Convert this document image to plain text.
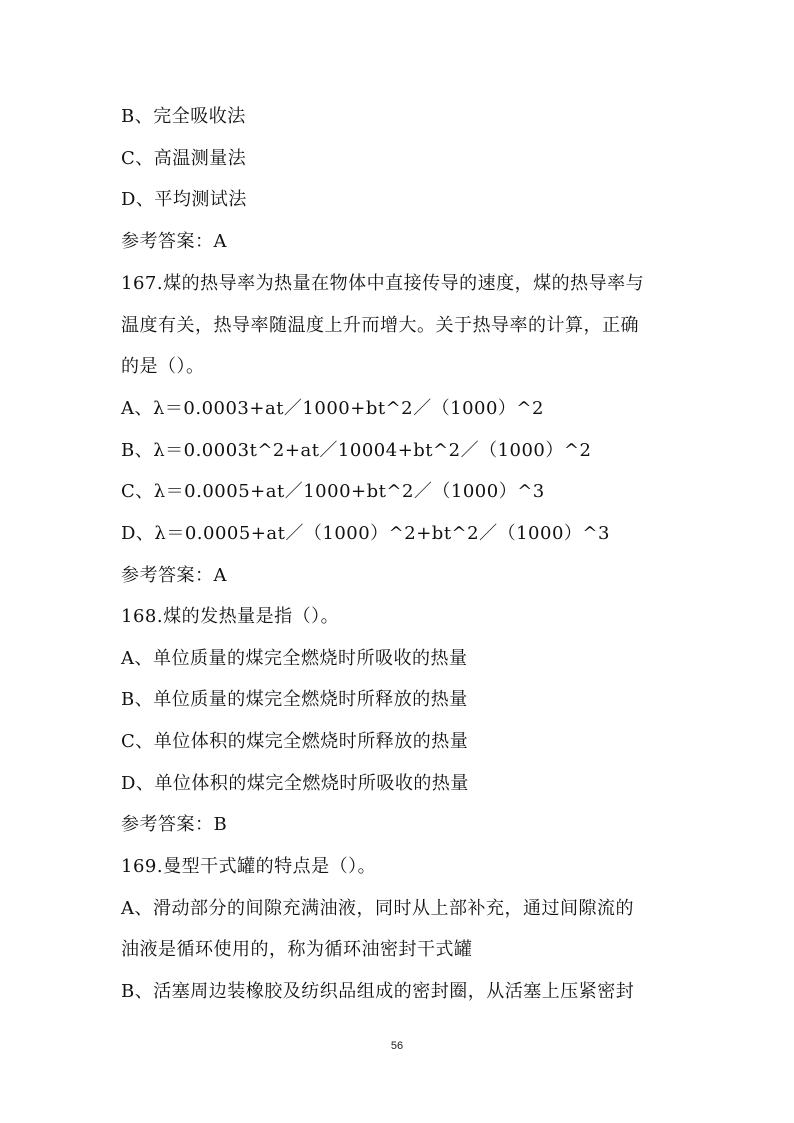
B、完全吸收法
C、高温测量法
D、平均测试法
参考答案：A
167.煤的热导率为热量在物体中直接传导的速度，煤的热导率与
温度有关，热导率随温度上升而增大。关于热导率的计算，正确
的是（）。
A、λ＝0.0003+at／1000+bt^2／（1000）^2
B、λ＝0.0003t^2+at／10004+bt^2／（1000）^2
C、λ＝0.0005+at／1000+bt^2／（1000）^3
D、λ＝0.0005+at／（1000）^2+bt^2／（1000）^3
参考答案：A
168.煤的发热量是指（）。
A、单位质量的煤完全燃烧时所吸收的热量
B、单位质量的煤完全燃烧时所释放的热量
C、单位体积的煤完全燃烧时所释放的热量
D、单位体积的煤完全燃烧时所吸收的热量
参考答案：B
169.曼型干式罐的特点是（）。
A、滑动部分的间隙充满油液，同时从上部补充，通过间隙流的
油液是循环使用的，称为循环油密封干式罐
B、活塞周边装橡胶及纺织品组成的密封圈，从活塞上压紧密封
56
